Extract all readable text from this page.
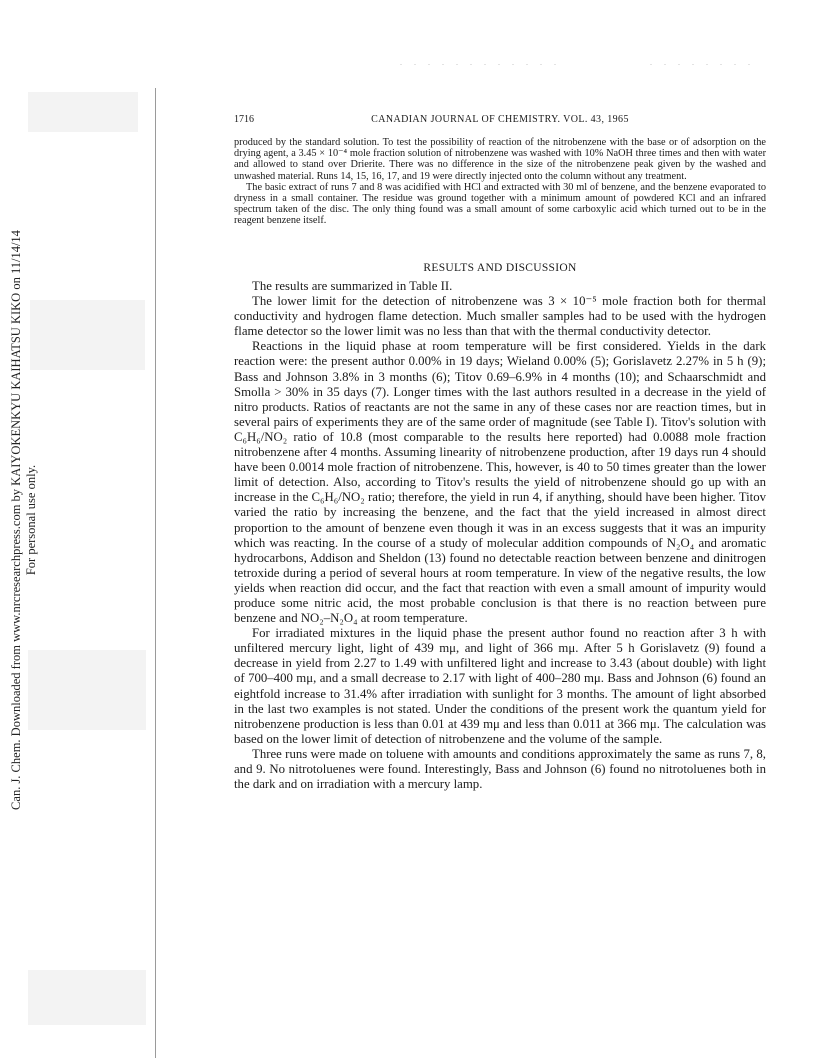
. . . . . . . . . . . .	. . . . . . . .
Can. J. Chem. Downloaded from www.nrcresearchpress.com by KAIYOKENKYU KAIHATSU KIKO on 11/14/14 For personal use only.
1716	CANADIAN JOURNAL OF CHEMISTRY. VOL. 43, 1965

produced by the standard solution. To test the possibility of reaction of the nitrobenzene with the base or of adsorption on the drying agent, a 3.45 × 10⁻⁴ mole fraction solution of nitrobenzene was washed with 10% NaOH three times and then with water and allowed to stand over Drierite. There was no difference in the size of the nitrobenzene peak given by the washed and unwashed material. Runs 14, 15, 16, 17, and 19 were directly injected onto the column without any treatment.

The basic extract of runs 7 and 8 was acidified with HCl and extracted with 30 ml of benzene, and the benzene evaporated to dryness in a small container. The residue was ground together with a minimum amount of powdered KCl and an infrared spectrum taken of the disc. The only thing found was a small amount of some carboxylic acid which turned out to be in the reagent benzene itself.

RESULTS AND DISCUSSION

The results are summarized in Table II.

The lower limit for the detection of nitrobenzene was 3 × 10⁻⁵ mole fraction both for thermal conductivity and hydrogen flame detection. Much smaller samples had to be used with the hydrogen flame detector so the lower limit was no less than that with the thermal conductivity detector.

Reactions in the liquid phase at room temperature will be first considered. Yields in the dark reaction were: the present author 0.00% in 19 days; Wieland 0.00% (5); Gorislavetz 2.27% in 5 h (9); Bass and Johnson 3.8% in 3 months (6); Titov 0.69–6.9% in 4 months (10); and Schaarschmidt and Smolla > 30% in 35 days (7). Longer times with the last authors resulted in a decrease in the yield of nitro products. Ratios of reactants are not the same in any of these cases nor are reaction times, but in several pairs of experiments they are of the same order of magnitude (see Table I). Titov's solution with C₆H₆/NO₂ ratio of 10.8 (most comparable to the results here reported) had 0.0088 mole fraction nitrobenzene after 4 months. Assuming linearity of nitrobenzene production, after 19 days run 4 should have been 0.0014 mole fraction of nitrobenzene. This, however, is 40 to 50 times greater than the lower limit of detection. Also, according to Titov's results the yield of nitrobenzene should go up with an increase in the C₆H₆/NO₂ ratio; therefore, the yield in run 4, if anything, should have been higher. Titov varied the ratio by increasing the benzene, and the fact that the yield increased in almost direct proportion to the amount of benzene even though it was in an excess suggests that it was an impurity which was reacting. In the course of a study of molecular addition compounds of N₂O₄ and aromatic hydrocarbons, Addison and Sheldon (13) found no detectable reaction between benzene and dinitrogen tetroxide during a period of several hours at room temperature. In view of the negative results, the low yields when reaction did occur, and the fact that reaction with even a small amount of impurity would produce some nitric acid, the most probable conclusion is that there is no reaction between pure benzene and NO₂–N₂O₄ at room temperature.

For irradiated mixtures in the liquid phase the present author found no reaction after 3 h with unfiltered mercury light, light of 439 mμ, and light of 366 mμ. After 5 h Gorislavetz (9) found a decrease in yield from 2.27 to 1.49 with unfiltered light and increase to 3.43 (about double) with light of 700–400 mμ, and a small decrease to 2.17 with light of 400–280 mμ. Bass and Johnson (6) found an eightfold increase to 31.4% after irradiation with sunlight for 3 months. The amount of light absorbed in the last two examples is not stated. Under the conditions of the present work the quantum yield for nitrobenzene production is less than 0.01 at 439 mμ and less than 0.011 at 366 mμ. The calculation was based on the lower limit of detection of nitrobenzene and the volume of the sample.

Three runs were made on toluene with amounts and conditions approximately the same as runs 7, 8, and 9. No nitrotoluenes were found. Interestingly, Bass and Johnson (6) found no nitrotoluenes both in the dark and on irradiation with a mercury lamp.
